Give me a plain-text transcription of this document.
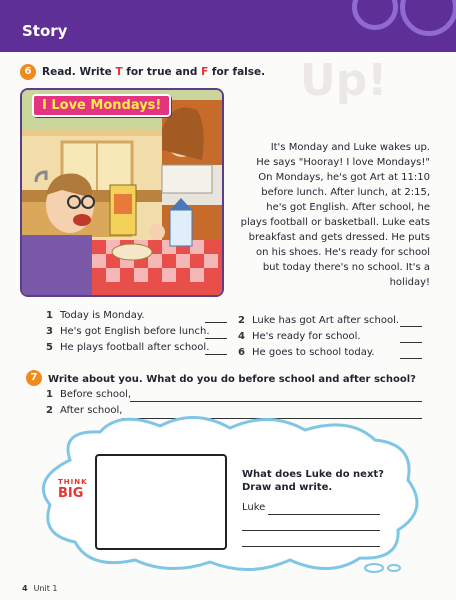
Up!
Story
6	Read. Write T for true and F for false.
I Love Mondays!
It's Monday and Luke wakes up. He says "Hooray! I love Mondays!" On Mondays, he's got Art at 11:10 before lunch. After lunch, at 2:15, he's got English. After school, he plays football or basketball. Luke eats breakfast and gets dressed. He puts on his shoes. He's ready for school but today there's no school. It's a holiday!
1 Today is Monday.	2 Luke has got Art after school.
3 He's got English before lunch.	4 He's ready for school.
5 He plays football after school.	6 He goes to school today.
7	Write about you. What do you do before school and after school?
1 Before school,
2 After school,
THINK
BIG
What does Luke do next?
Draw and write.
Luke
4 Unit 1
